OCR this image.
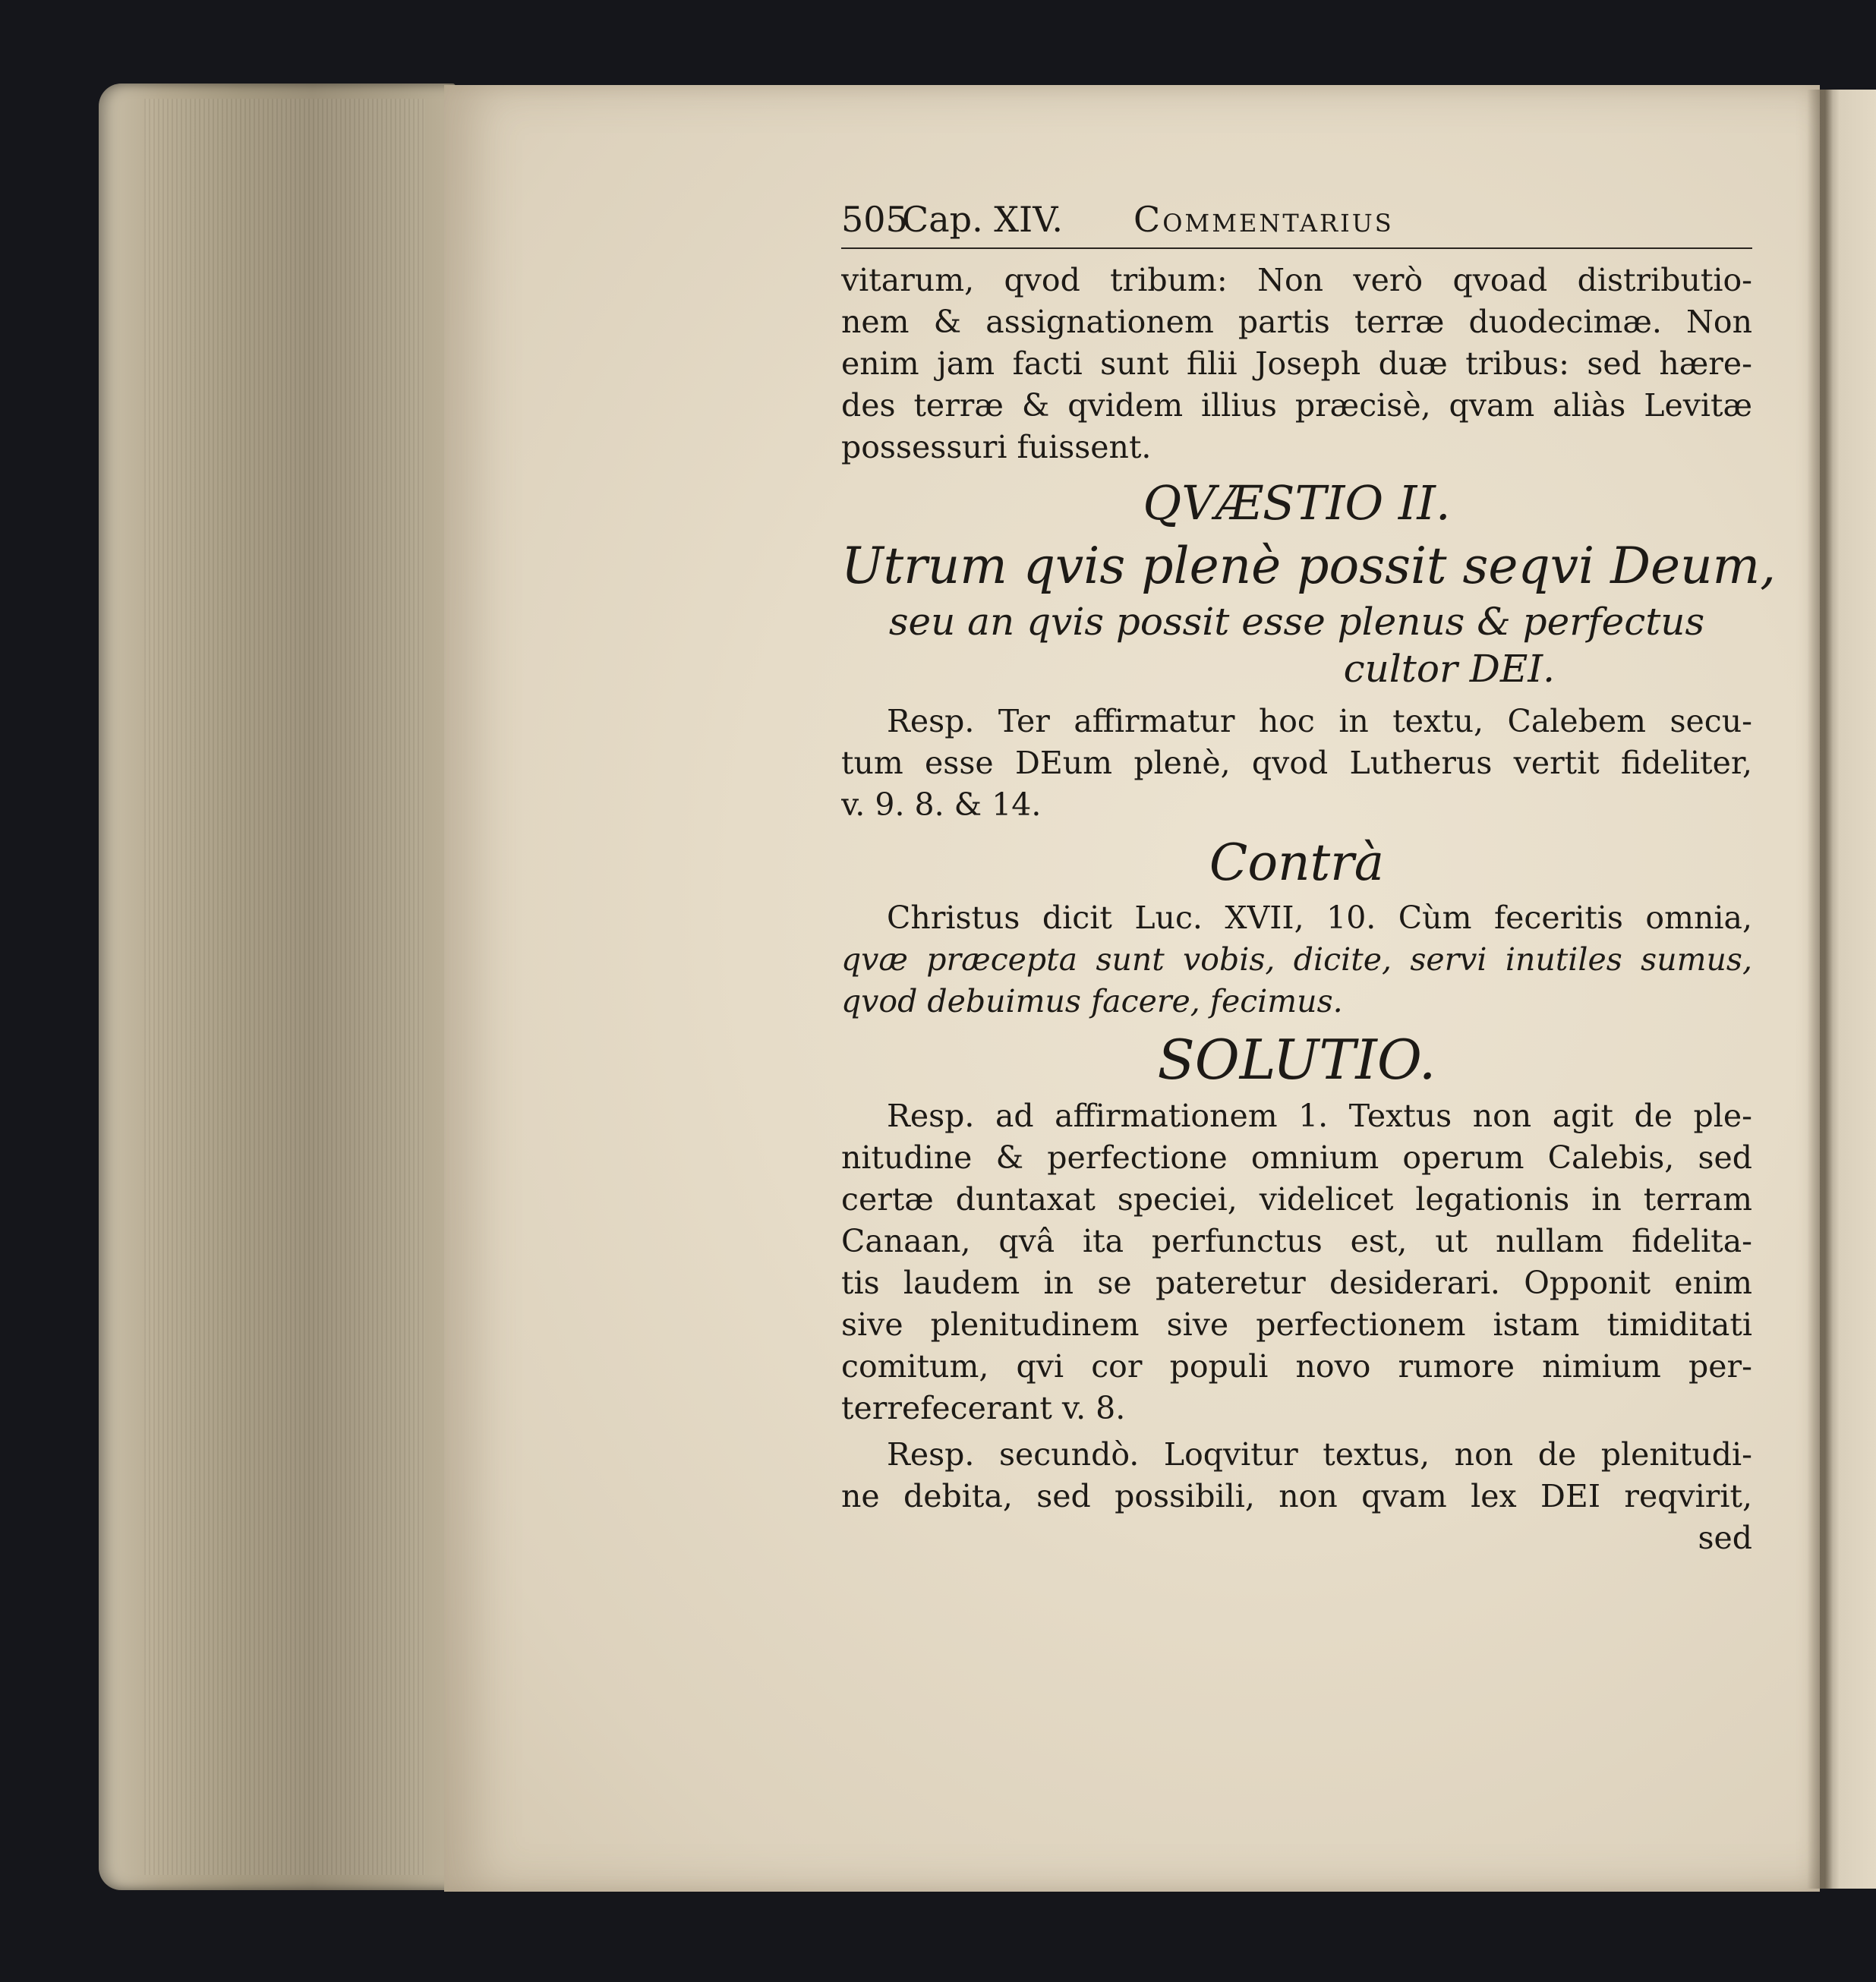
505
Cap. XIV.	Commentarius
vitarum, qvod tribum: Non verò qvoad distributio-
nem & assignationem partis terræ duodecimæ. Non
enim jam facti sunt filii Joseph duæ tribus: sed hære-
des terræ & qvidem illius præcisè, qvam aliàs Levitæ
possessuri fuissent.
QVÆSTIO II.
Utrum qvis plenè possit seqvi Deum,
seu an qvis possit esse plenus & perfectus
cultor DEI.
Resp. Ter affirmatur hoc in textu, Calebem secu-
tum esse DEum plenè, qvod Lutherus vertit fideliter,
v. 9. 8. & 14.
Contrà
Christus dicit Luc. XVII, 10. Cùm feceritis omnia,
qvæ præcepta sunt vobis, dicite, servi inutiles sumus,
qvod debuimus facere, fecimus.
SOLUTIO.
Resp. ad affirmationem 1. Textus non agit de ple-
nitudine & perfectione omnium operum Calebis, sed
certæ duntaxat speciei, videlicet legationis in terram
Canaan, qvâ ita perfunctus est, ut nullam fidelita-
tis laudem in se pateretur desiderari. Opponit enim
sive plenitudinem sive perfectionem istam timiditati
comitum, qvi cor populi novo rumore nimium per-
terrefecerant v. 8.
Resp. secundò. Loqvitur textus, non de plenitudi-
ne debita, sed possibili, non qvam lex DEI reqvirit,
sed
